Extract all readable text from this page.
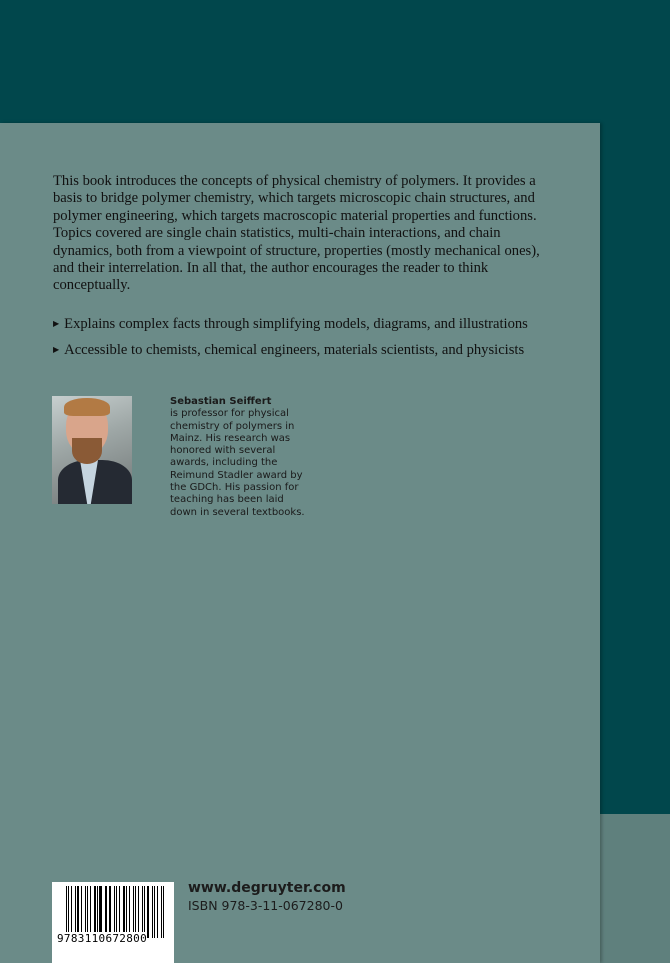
This book introduces the concepts of physical chemistry of polymers. It provides a basis to bridge polymer chemistry, which targets microscopic chain structures, and polymer engineering, which targets macroscopic material properties and functions. Topics covered are single chain statistics, multi-chain interactions, and chain dynamics, both from a viewpoint of structure, properties (mostly mechanical ones), and their interrelation. In all that, the author encourages the reader to think conceptually.

▶ Explains complex facts through simplifying models, diagrams, and illustrations
▶ Accessible to chemists, chemical engineers, materials scientists, and physicists
Sebastian Seiffert
is professor for physical chemistry of polymers in Mainz. His research was honored with several awards, including the Reimund Stadler award by the GDCh. His passion for teaching has been laid down in several textbooks.
9783110672800
www.degruyter.com
ISBN 978-3-11-067280-0
